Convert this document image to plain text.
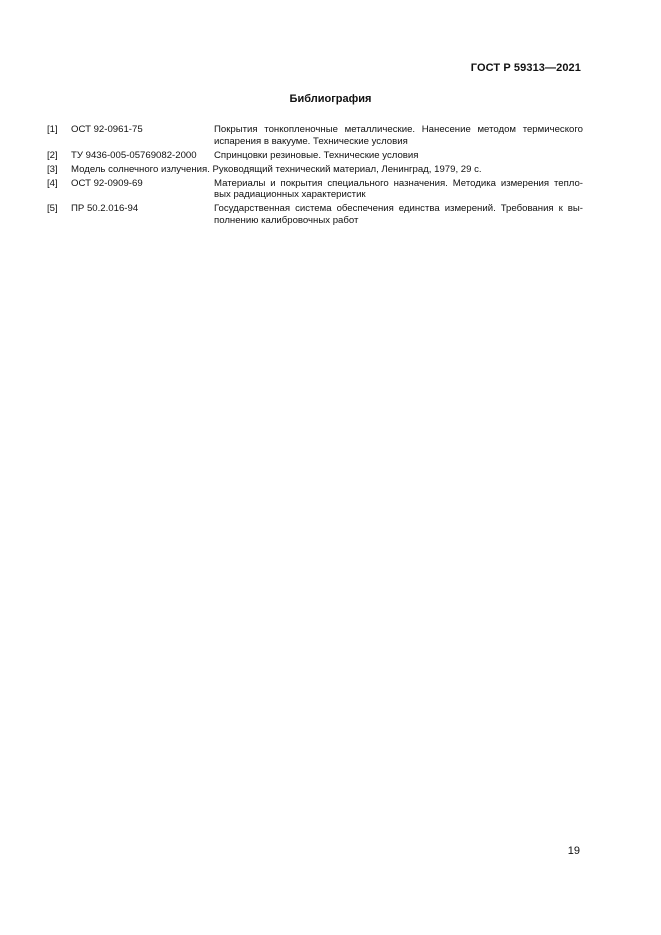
ГОСТ Р 59313—2021
Библиография
[1]	ОСТ 92-0961-75	Покрытия тонкопленочные металлические. Нанесение методом термического испарения в вакууме. Технические условия
[2]	ТУ 9436-005-05769082-2000	Спринцовки резиновые. Технические условия
[3]	Модель солнечного излучения. Руководящий технический материал, Ленинград, 1979, 29 с.
[4]	ОСТ 92-0909-69	Материалы и покрытия специального назначения. Методика измерения тепло-вых радиационных характеристик
[5]	ПР 50.2.016-94	Государственная система обеспечения единства измерений. Требования к вы-полнению калибровочных работ
19
